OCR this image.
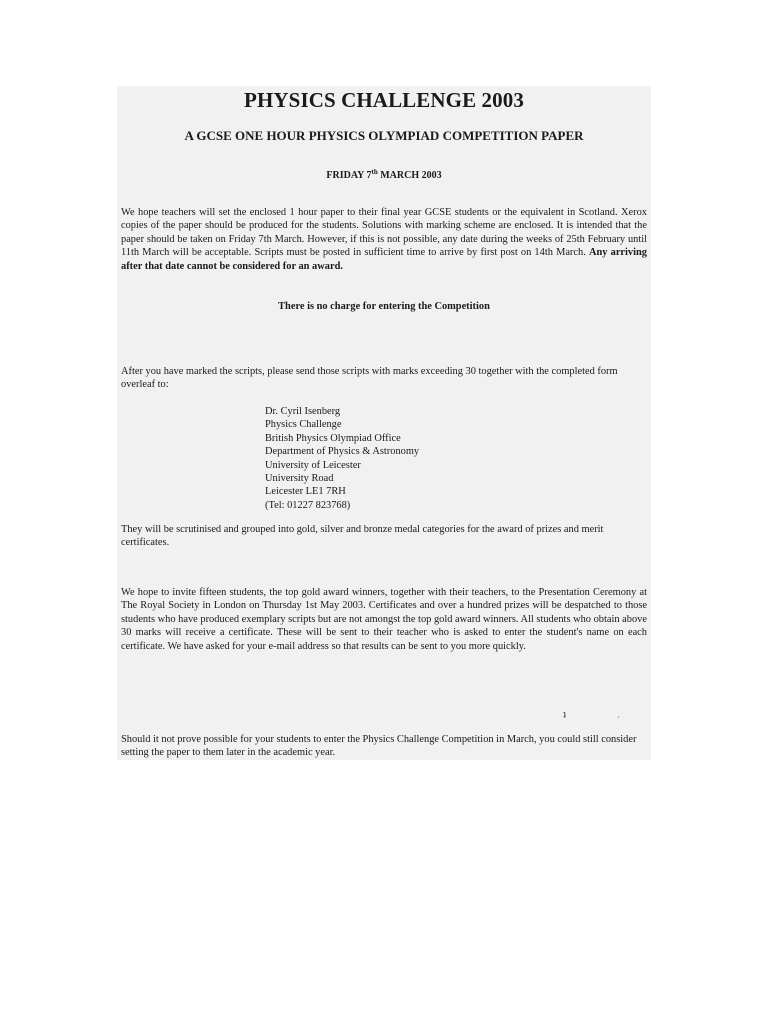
PHYSICS CHALLENGE 2003
A GCSE ONE HOUR PHYSICS OLYMPIAD COMPETITION PAPER
FRIDAY 7th MARCH 2003

We hope teachers will set the enclosed 1 hour paper to their final year GCSE students or the equivalent in Scotland. Xerox copies of the paper should be produced for the students. Solutions with marking scheme are enclosed. It is intended that the paper should be taken on Friday 7th March. However, if this is not possible, any date during the weeks of 25th February until 11th March will be acceptable. Scripts must be posted in sufficient time to arrive by first post on 14th March. Any arriving after that date cannot be considered for an award.

There is no charge for entering the Competition

After you have marked the scripts, please send those scripts with marks exceeding 30 together with the completed form overleaf to:

Dr. Cyril Isenberg
Physics Challenge
British Physics Olympiad Office
Department of Physics & Astronomy
University of Leicester
University Road
Leicester LE1 7RH
(Tel: 01227 823768)

They will be scrutinised and grouped into gold, silver and bronze medal categories for the award of prizes and merit certificates.

We hope to invite fifteen students, the top gold award winners, together with their teachers, to the Presentation Ceremony at The Royal Society in London on Thursday 1st May 2003. Certificates and over a hundred prizes will be despatched to those students who have produced exemplary scripts but are not amongst the top gold award winners. All students who obtain above 30 marks will receive a certificate. These will be sent to their teacher who is asked to enter the student's name on each certificate. We have asked for your e-mail address so that results can be sent to you more quickly.

ʇ	·

Should it not prove possible for your students to enter the Physics Challenge Competition in March, you could still consider setting the paper to them later in the academic year.
